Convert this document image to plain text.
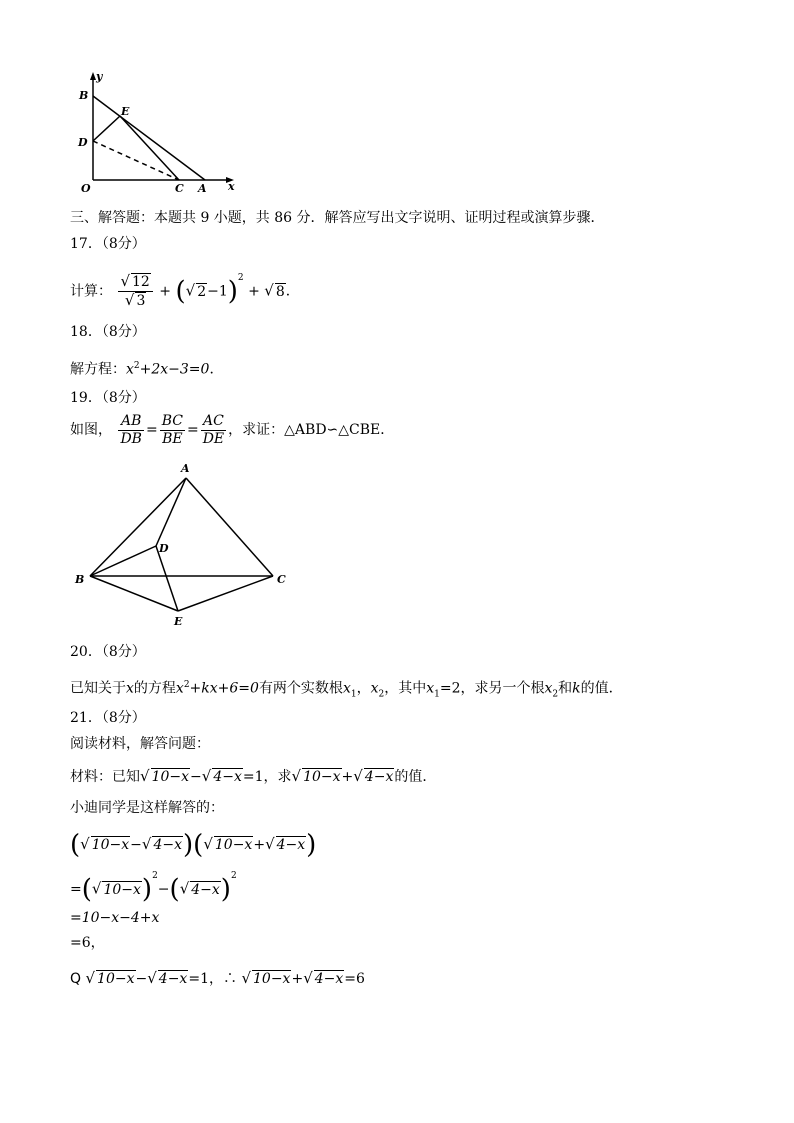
y
x
B
E
D
O	C A
三、解答题：本题共 9 小题，共 86 分．解答应写出文字说明、证明过程或演算步骤．
17．（8分）
计算： $\frac{√ 12}{√ 3}$ + (√ 2−1)$^2$ + √ 8．
18．（8分）
解方程：$x^2+2x-3=0$．
19．（8分）
如图， $\frac{AB}{DB} = \frac{BC}{BE} = \frac{AC}{DE}$ ，求证：△ABD∽△CBE．
A
D
B	C
E
20．（8分）
已知关于x的方程$x^2+kx+6=0$有两个实数根$x_1$，$x_2$，其中$x_1=2$，求另一个根$x_2$和k的值．
21．（8分）
阅读材料，解答问题：
材料：已知√ 10−x−√ 4−x=1，求√ 10−x+√ 4−x的值．
小迪同学是这样解答的：
(√ 10−x−√ 4−x)(√ 10−x+√ 4−x)
=(√ 10−x)$^2$−(√ 4−x)$^2$
=10−x−4+x
=6，
Q √ 10−x−√ 4−x=1，∴ √ 10−x+√ 4−x=6
